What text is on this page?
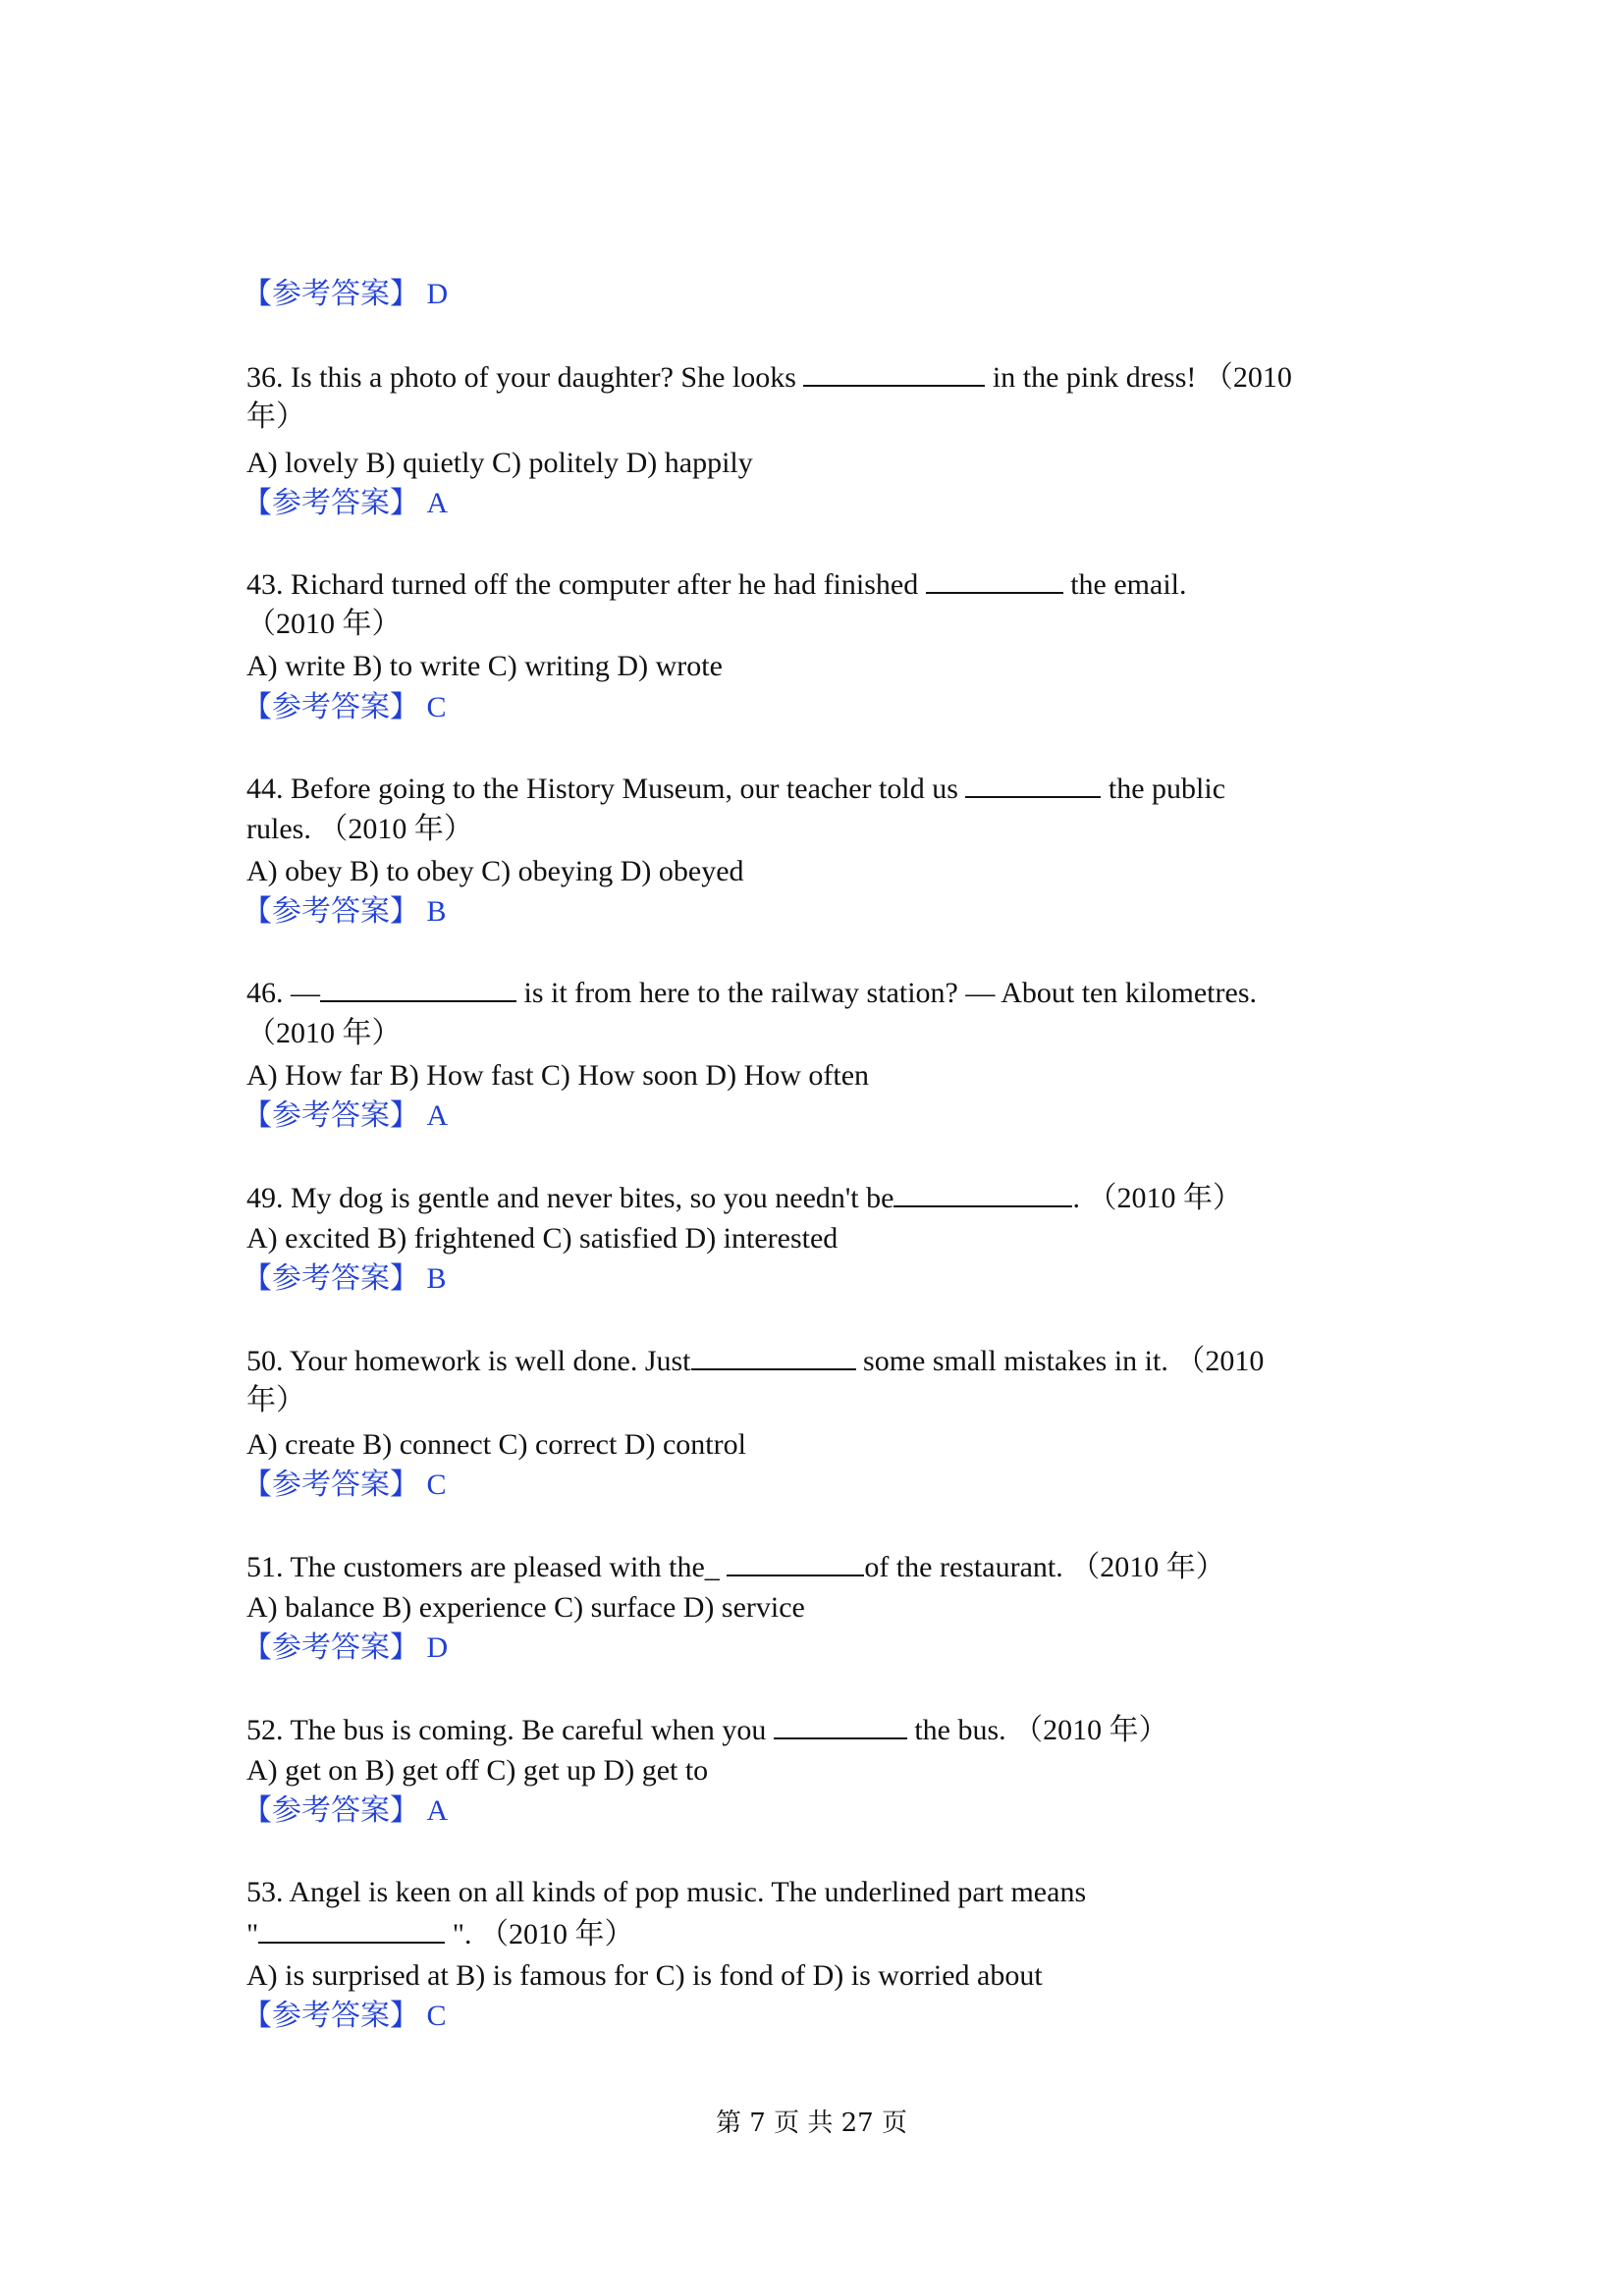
【参考答案】 D
36. Is this a photo of your daughter? She looks	in the pink dress! （2010
年）
A) lovely B) quietly C) politely D) happily
【参考答案】 A
43. Richard turned off the computer after he had finished	the email.
（2010 年）
A) write B) to write C) writing D) wrote
【参考答案】 C
44. Before going to the History Museum, our teacher told us	the public
rules. （2010 年）
A) obey B) to obey C) obeying D) obeyed
【参考答案】 B
46. —	is it from here to the railway station? — About ten kilometres.
（2010 年）
A) How far B) How fast C) How soon D) How often
【参考答案】 A
49. My dog is gentle and never bites, so you needn't be	. （2010 年）
A) excited B) frightened C) satisfied D) interested
【参考答案】 B
50. Your homework is well done. Just	some small mistakes in it. （2010
年）
A) create B) connect C) correct D) control
【参考答案】 C
51. The customers are pleased with the_	of the restaurant. （2010 年）
A) balance B) experience C) surface D) service
【参考答案】 D
52. The bus is coming. Be careful when you	the bus. （2010 年）
A) get on B) get off C) get up D) get to
【参考答案】 A
53. Angel is keen on all kinds of pop music. The underlined part means
"	". （2010 年）
A) is surprised at B) is famous for C) is fond of D) is worried about
【参考答案】 C
第 7 页 共 27 页
